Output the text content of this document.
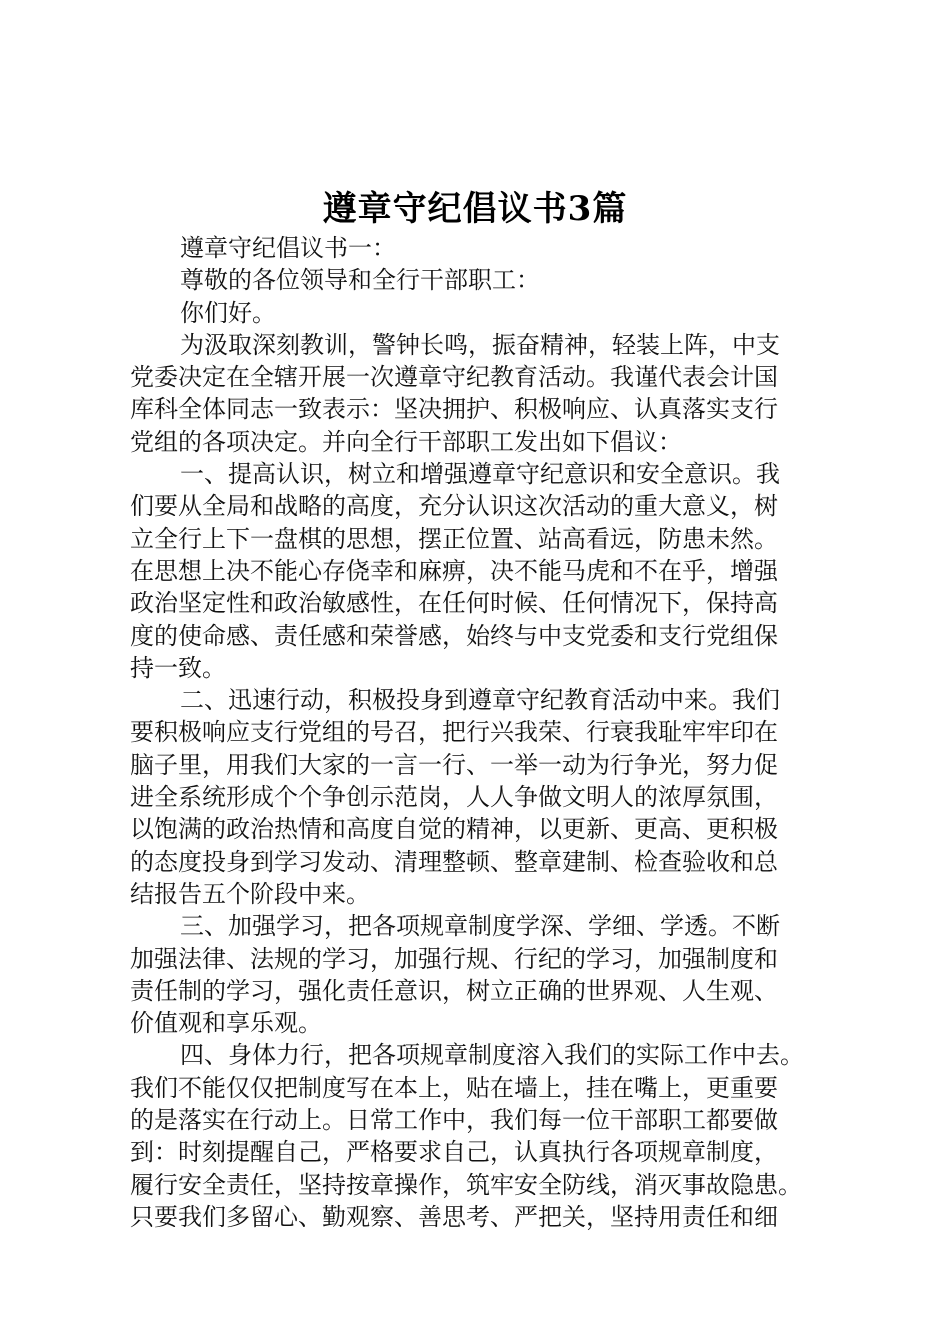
遵章守纪倡议书3篇
遵章守纪倡议书一：
尊敬的各位领导和全行干部职工：
你们好。
为汲取深刻教训，警钟长鸣，振奋精神，轻装上阵，中支
党委决定在全辖开展一次遵章守纪教育活动。我谨代表会计国
库科全体同志一致表示：坚决拥护、积极响应、认真落实支行
党组的各项决定。并向全行干部职工发出如下倡议：
一、提高认识，树立和增强遵章守纪意识和安全意识。我
们要从全局和战略的高度，充分认识这次活动的重大意义，树
立全行上下一盘棋的思想，摆正位置、站高看远，防患未然。
在思想上决不能心存侥幸和麻痹，决不能马虎和不在乎，增强
政治坚定性和政治敏感性，在任何时候、任何情况下，保持高
度的使命感、责任感和荣誉感，始终与中支党委和支行党组保
持一致。
二、迅速行动，积极投身到遵章守纪教育活动中来。我们
要积极响应支行党组的号召，把行兴我荣、行衰我耻牢牢印在
脑子里，用我们大家的一言一行、一举一动为行争光，努力促
进全系统形成个个争创示范岗，人人争做文明人的浓厚氛围，
以饱满的政治热情和高度自觉的精神，以更新、更高、更积极
的态度投身到学习发动、清理整顿、整章建制、检查验收和总
结报告五个阶段中来。
三、加强学习，把各项规章制度学深、学细、学透。不断
加强法律、法规的学习，加强行规、行纪的学习，加强制度和
责任制的学习，强化责任意识，树立正确的世界观、人生观、
价值观和享乐观。
四、身体力行，把各项规章制度溶入我们的实际工作中去。
我们不能仅仅把制度写在本上，贴在墙上，挂在嘴上，更重要
的是落实在行动上。日常工作中，我们每一位干部职工都要做
到：时刻提醒自己，严格要求自己，认真执行各项规章制度，
履行安全责任，坚持按章操作，筑牢安全防线，消灭事故隐患。
只要我们多留心、勤观察、善思考、严把关，坚持用责任和细
